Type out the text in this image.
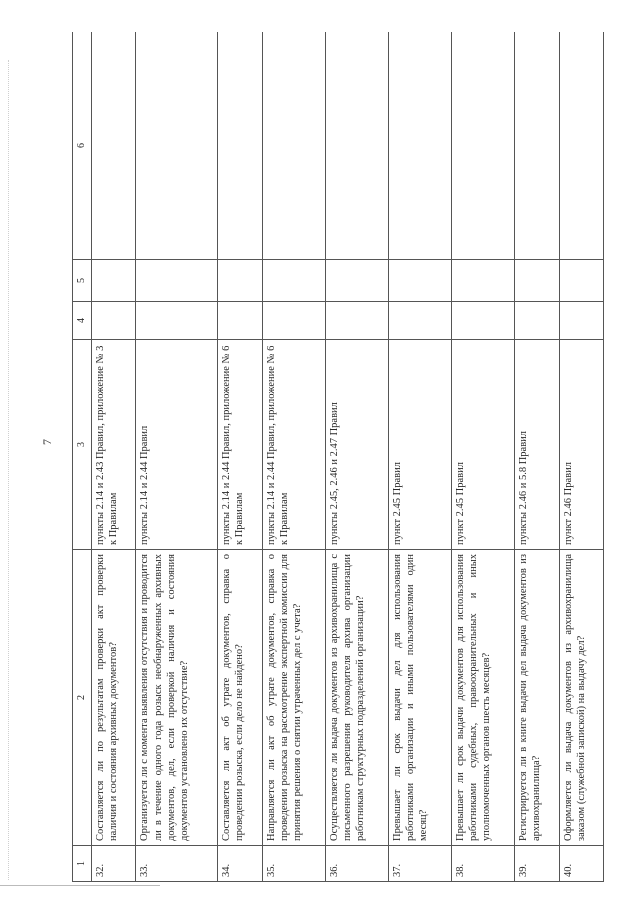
7
1	2	3	4	5	6
32.	Составляется ли по результатам проверки акт проверки наличия и состояния архивных документов?	пункты 2.14 и 2.43 Правил, приложение № 3 к Правилам			
33.	Организуется ли с момента выявления отсутствия и проводится ли в течение одного года розыск необнаруженных архивных документов, дел, если проверкой наличия и состояния документов установлено их отсутствие?	пункты 2.14 и 2.44 Правил			
34.	Составляется ли акт об утрате документов, справка о проведении розыска, если дело не найдено?	пункты 2.14 и 2.44 Правил, приложение № 6 к Правилам			
35.	Направляется ли акт об утрате документов, справка о проведении розыска на рассмотрение экспертной комиссии для принятия решения о снятии утраченных дел с учета?	пункты 2.14 и 2.44 Правил, приложение № 6 к Правилам			
36.	Осуществляется ли выдача документов из архивохранилища с письменного разрешения руководителя архива организации работникам структурных подразделений организации?	пункты 2.45, 2.46 и 2.47 Правил			
37.	Превышает ли срок выдачи дел для использования работниками организации и иными пользователями один месяц?	пункт 2.45 Правил			
38.	Превышает ли срок выдачи документов для использования работниками судебных, правоохранительных и иных уполномоченных органов шесть месяцев?	пункт 2.45 Правил			
39.	Регистрируется ли в книге выдачи дел выдача документов из архивохранилища?	пункты 2.46 и 5.8 Правил			
40.	Оформляется ли выдача документов из архивохранилища заказом (служебной запиской) на выдачу дел?	пункт 2.46 Правил			
